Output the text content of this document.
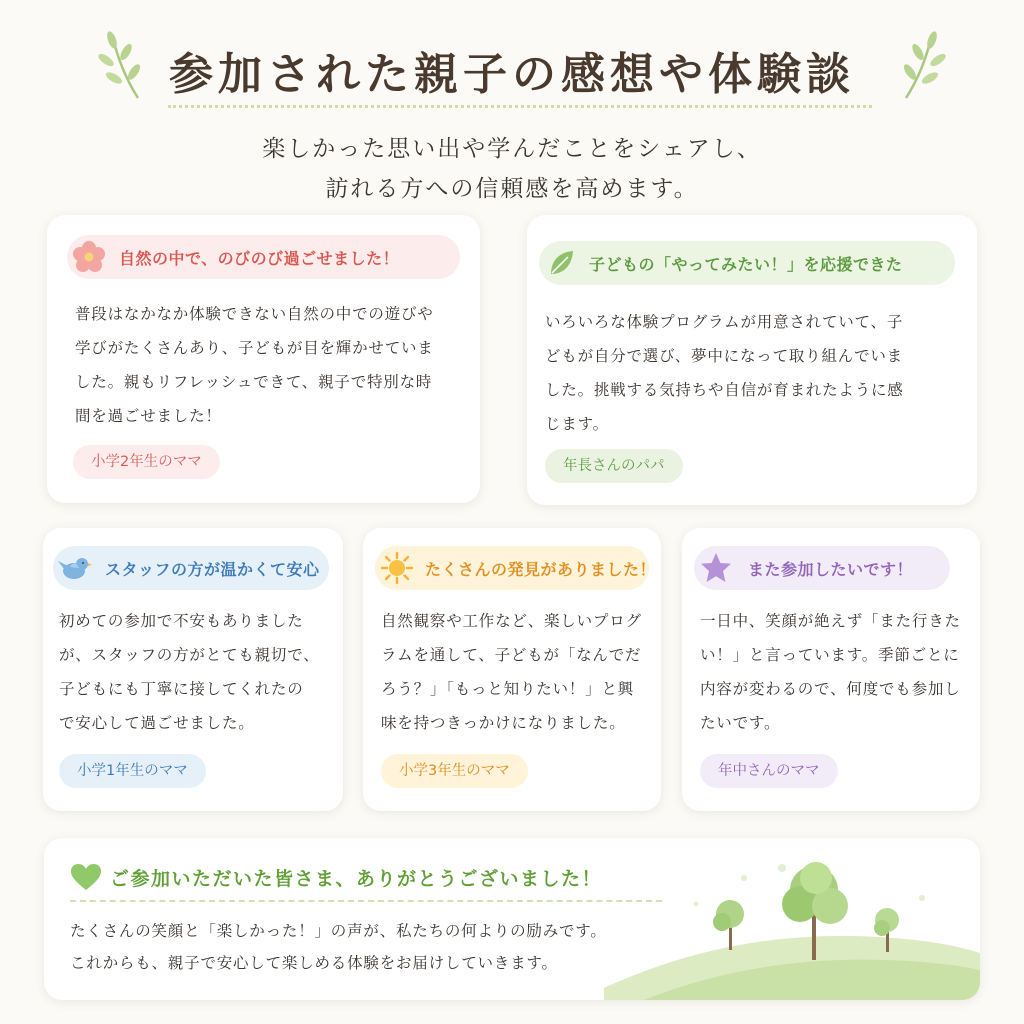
参加された親子の感想や体験談
楽しかった思い出や学んだことをシェアし、
訪れる方への信頼感を高めます。
自然の中で、のびのび過ごせました！
普段はなかなか体験できない自然の中での遊びや
学びがたくさんあり、子どもが目を輝かせていま
した。親もリフレッシュできて、親子で特別な時
間を過ごせました！
小学2年生のママ
子どもの「やってみたい！」を応援できた
いろいろな体験プログラムが用意されていて、子
どもが自分で選び、夢中になって取り組んでいま
した。挑戦する気持ちや自信が育まれたように感
じます。
年長さんのパパ
スタッフの方が温かくて安心
初めての参加で不安もありました
が、スタッフの方がとても親切で、
子どもにも丁寧に接してくれたの
で安心して過ごせました。
小学1年生のママ
たくさんの発見がありました！
自然観察や工作など、楽しいプログ
ラムを通して、子どもが「なんでだ
ろう？」「もっと知りたい！」と興
味を持つきっかけになりました。
小学3年生のママ
また参加したいです！
一日中、笑顔が絶えず「また行きた
い！」と言っています。季節ごとに
内容が変わるので、何度でも参加し
たいです。
年中さんのママ
ご参加いただいた皆さま、ありがとうございました！
たくさんの笑顔と「楽しかった！」の声が、私たちの何よりの励みです。
これからも、親子で安心して楽しめる体験をお届けしていきます。
